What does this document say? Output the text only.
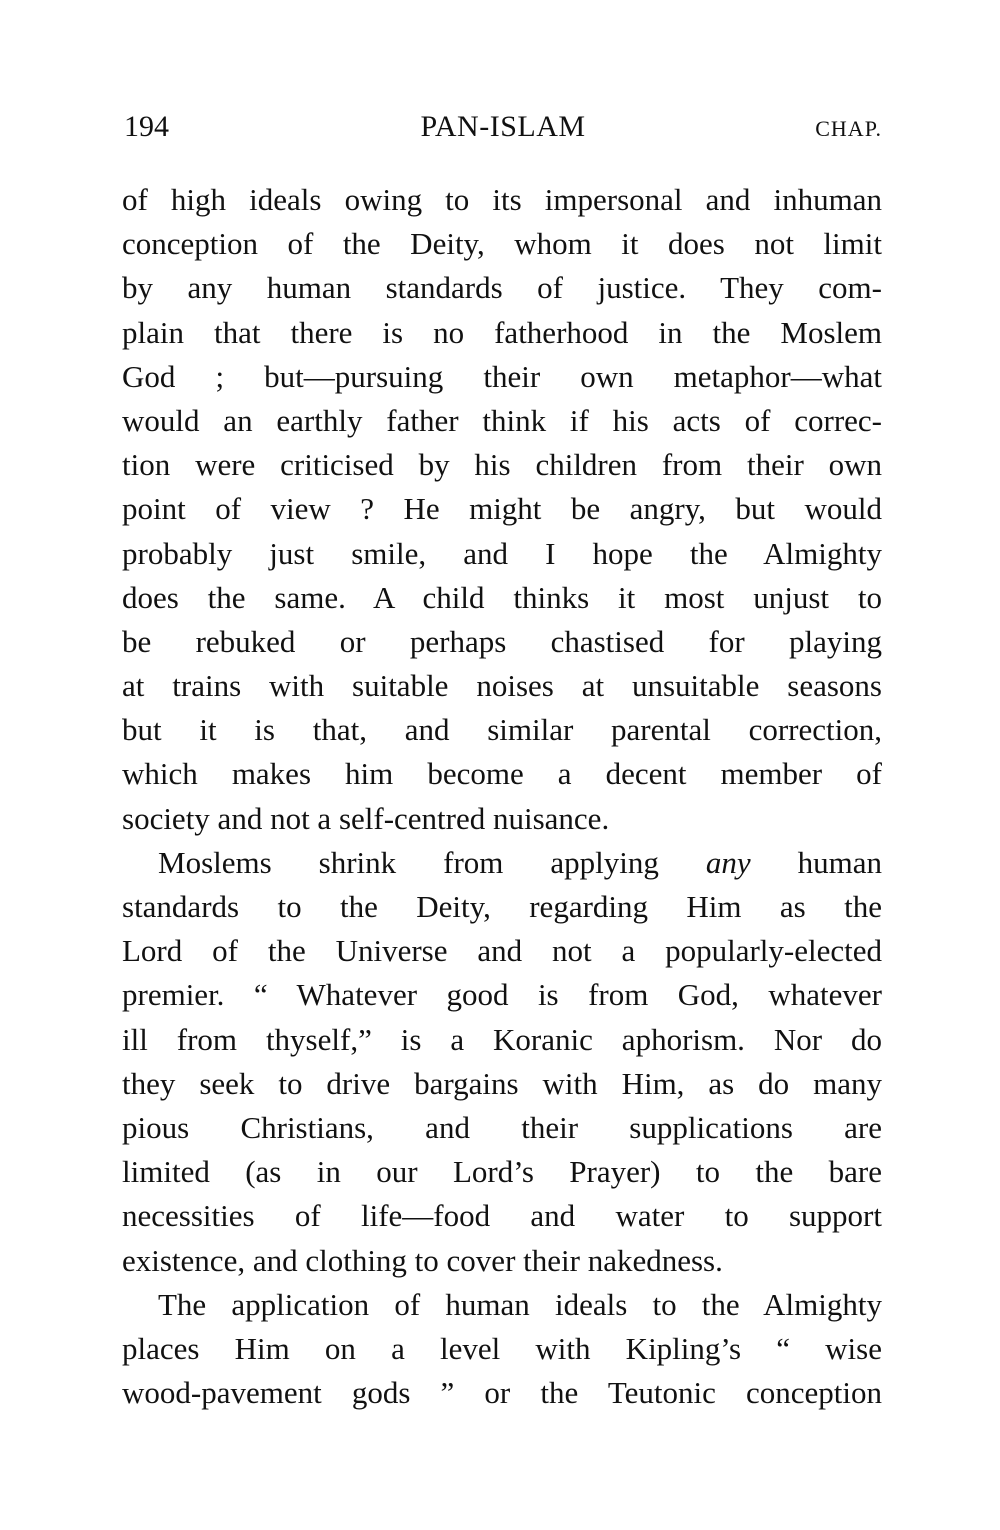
194	PAN-ISLAM	CHAP.
of high ideals owing to its impersonal and inhuman
conception of the Deity, whom it does not limit
by any human standards of justice. They com-
plain that there is no fatherhood in the Moslem
God ; but—pursuing their own metaphor—what
would an earthly father think if his acts of correc-
tion were criticised by his children from their own
point of view ? He might be angry, but would
probably just smile, and I hope the Almighty
does the same. A child thinks it most unjust to
be rebuked or perhaps chastised for playing
at trains with suitable noises at unsuitable seasons
but it is that, and similar parental correction,
which makes him become a decent member of
society and not a self-centred nuisance.
Moslems shrink from applying any human
standards to the Deity, regarding Him as the
Lord of the Universe and not a popularly-elected
premier. “ Whatever good is from God, whatever
ill from thyself,” is a Koranic aphorism. Nor do
they seek to drive bargains with Him, as do many
pious Christians, and their supplications are
limited (as in our Lord’s Prayer) to the bare
necessities of life—food and water to support
existence, and clothing to cover their nakedness.
The application of human ideals to the Almighty
places Him on a level with Kipling’s “ wise
wood-pavement gods ” or the Teutonic conception
